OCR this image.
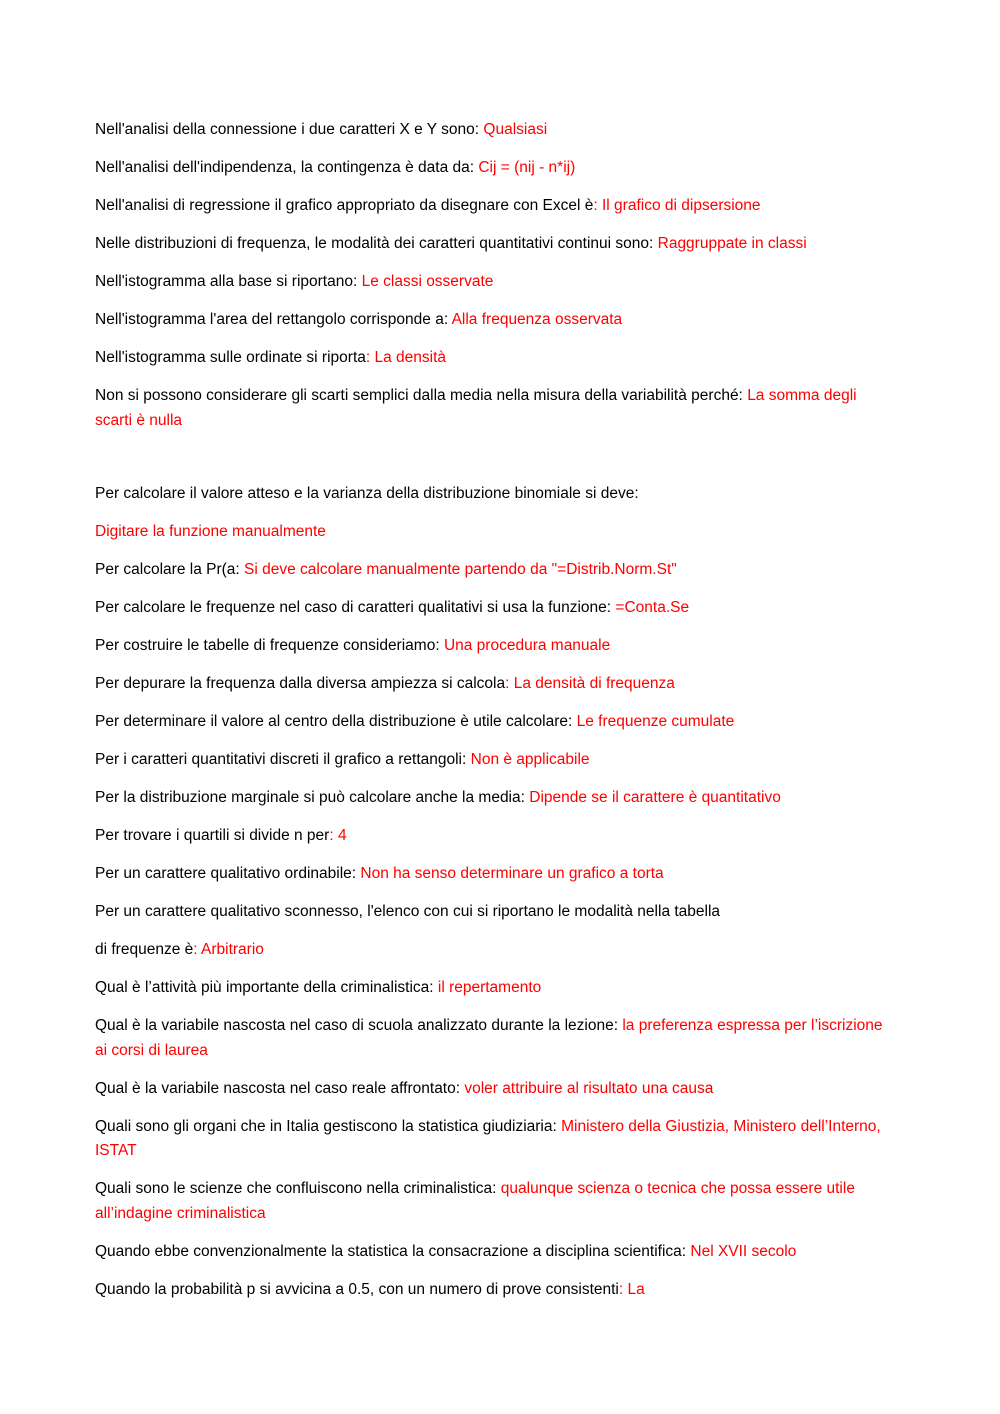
Nell'analisi della connessione i due caratteri X e Y sono: Qualsiasi

Nell'analisi dell'indipendenza, la contingenza è data da: Cij = (nij - n*ij)

Nell'analisi di regressione il grafico appropriato da disegnare con Excel è: Il grafico di dipsersione

Nelle distribuzioni di frequenza, le modalità dei caratteri quantitativi continui sono: Raggruppate in classi

Nell'istogramma alla base si riportano: Le classi osservate

Nell'istogramma l'area del rettangolo corrisponde a: Alla frequenza osservata

Nell'istogramma sulle ordinate si riporta: La densità

Non si possono considerare gli scarti semplici dalla media nella misura della variabilità perché: La somma degli scarti è nulla

Per calcolare il valore atteso e la varianza della distribuzione binomiale si deve:

Digitare la funzione manualmente

Per calcolare la Pr(a: Si deve calcolare manualmente partendo da "=Distrib.Norm.St"

Per calcolare le frequenze nel caso di caratteri qualitativi si usa la funzione: =Conta.Se

Per costruire le tabelle di frequenze consideriamo: Una procedura manuale

Per depurare la frequenza dalla diversa ampiezza si calcola: La densità di frequenza

Per determinare il valore al centro della distribuzione è utile calcolare: Le frequenze cumulate

Per i caratteri quantitativi discreti il grafico a rettangoli: Non è applicabile

Per la distribuzione marginale si può calcolare anche la media: Dipende se il carattere è quantitativo

Per trovare i quartili si divide n per: 4

Per un carattere qualitativo ordinabile: Non ha senso determinare un grafico a torta

Per un carattere qualitativo sconnesso, l'elenco con cui si riportano le modalità nella tabella

di frequenze è: Arbitrario

Qual è l’attività più importante della criminalistica: il repertamento

Qual è la variabile nascosta nel caso di scuola analizzato durante la lezione: la preferenza espressa per l’iscrizione ai corsi di laurea

Qual è la variabile nascosta nel caso reale affrontato: voler attribuire al risultato una causa

Quali sono gli organi che in Italia gestiscono la statistica giudiziaria: Ministero della Giustizia, Ministero dell’Interno, ISTAT

Quali sono le scienze che confluiscono nella criminalistica: qualunque scienza o tecnica che possa essere utile all’indagine criminalistica

Quando ebbe convenzionalmente la statistica la consacrazione a disciplina scientifica: Nel XVII secolo

Quando la probabilità p si avvicina a 0.5, con un numero di prove consistenti: La
